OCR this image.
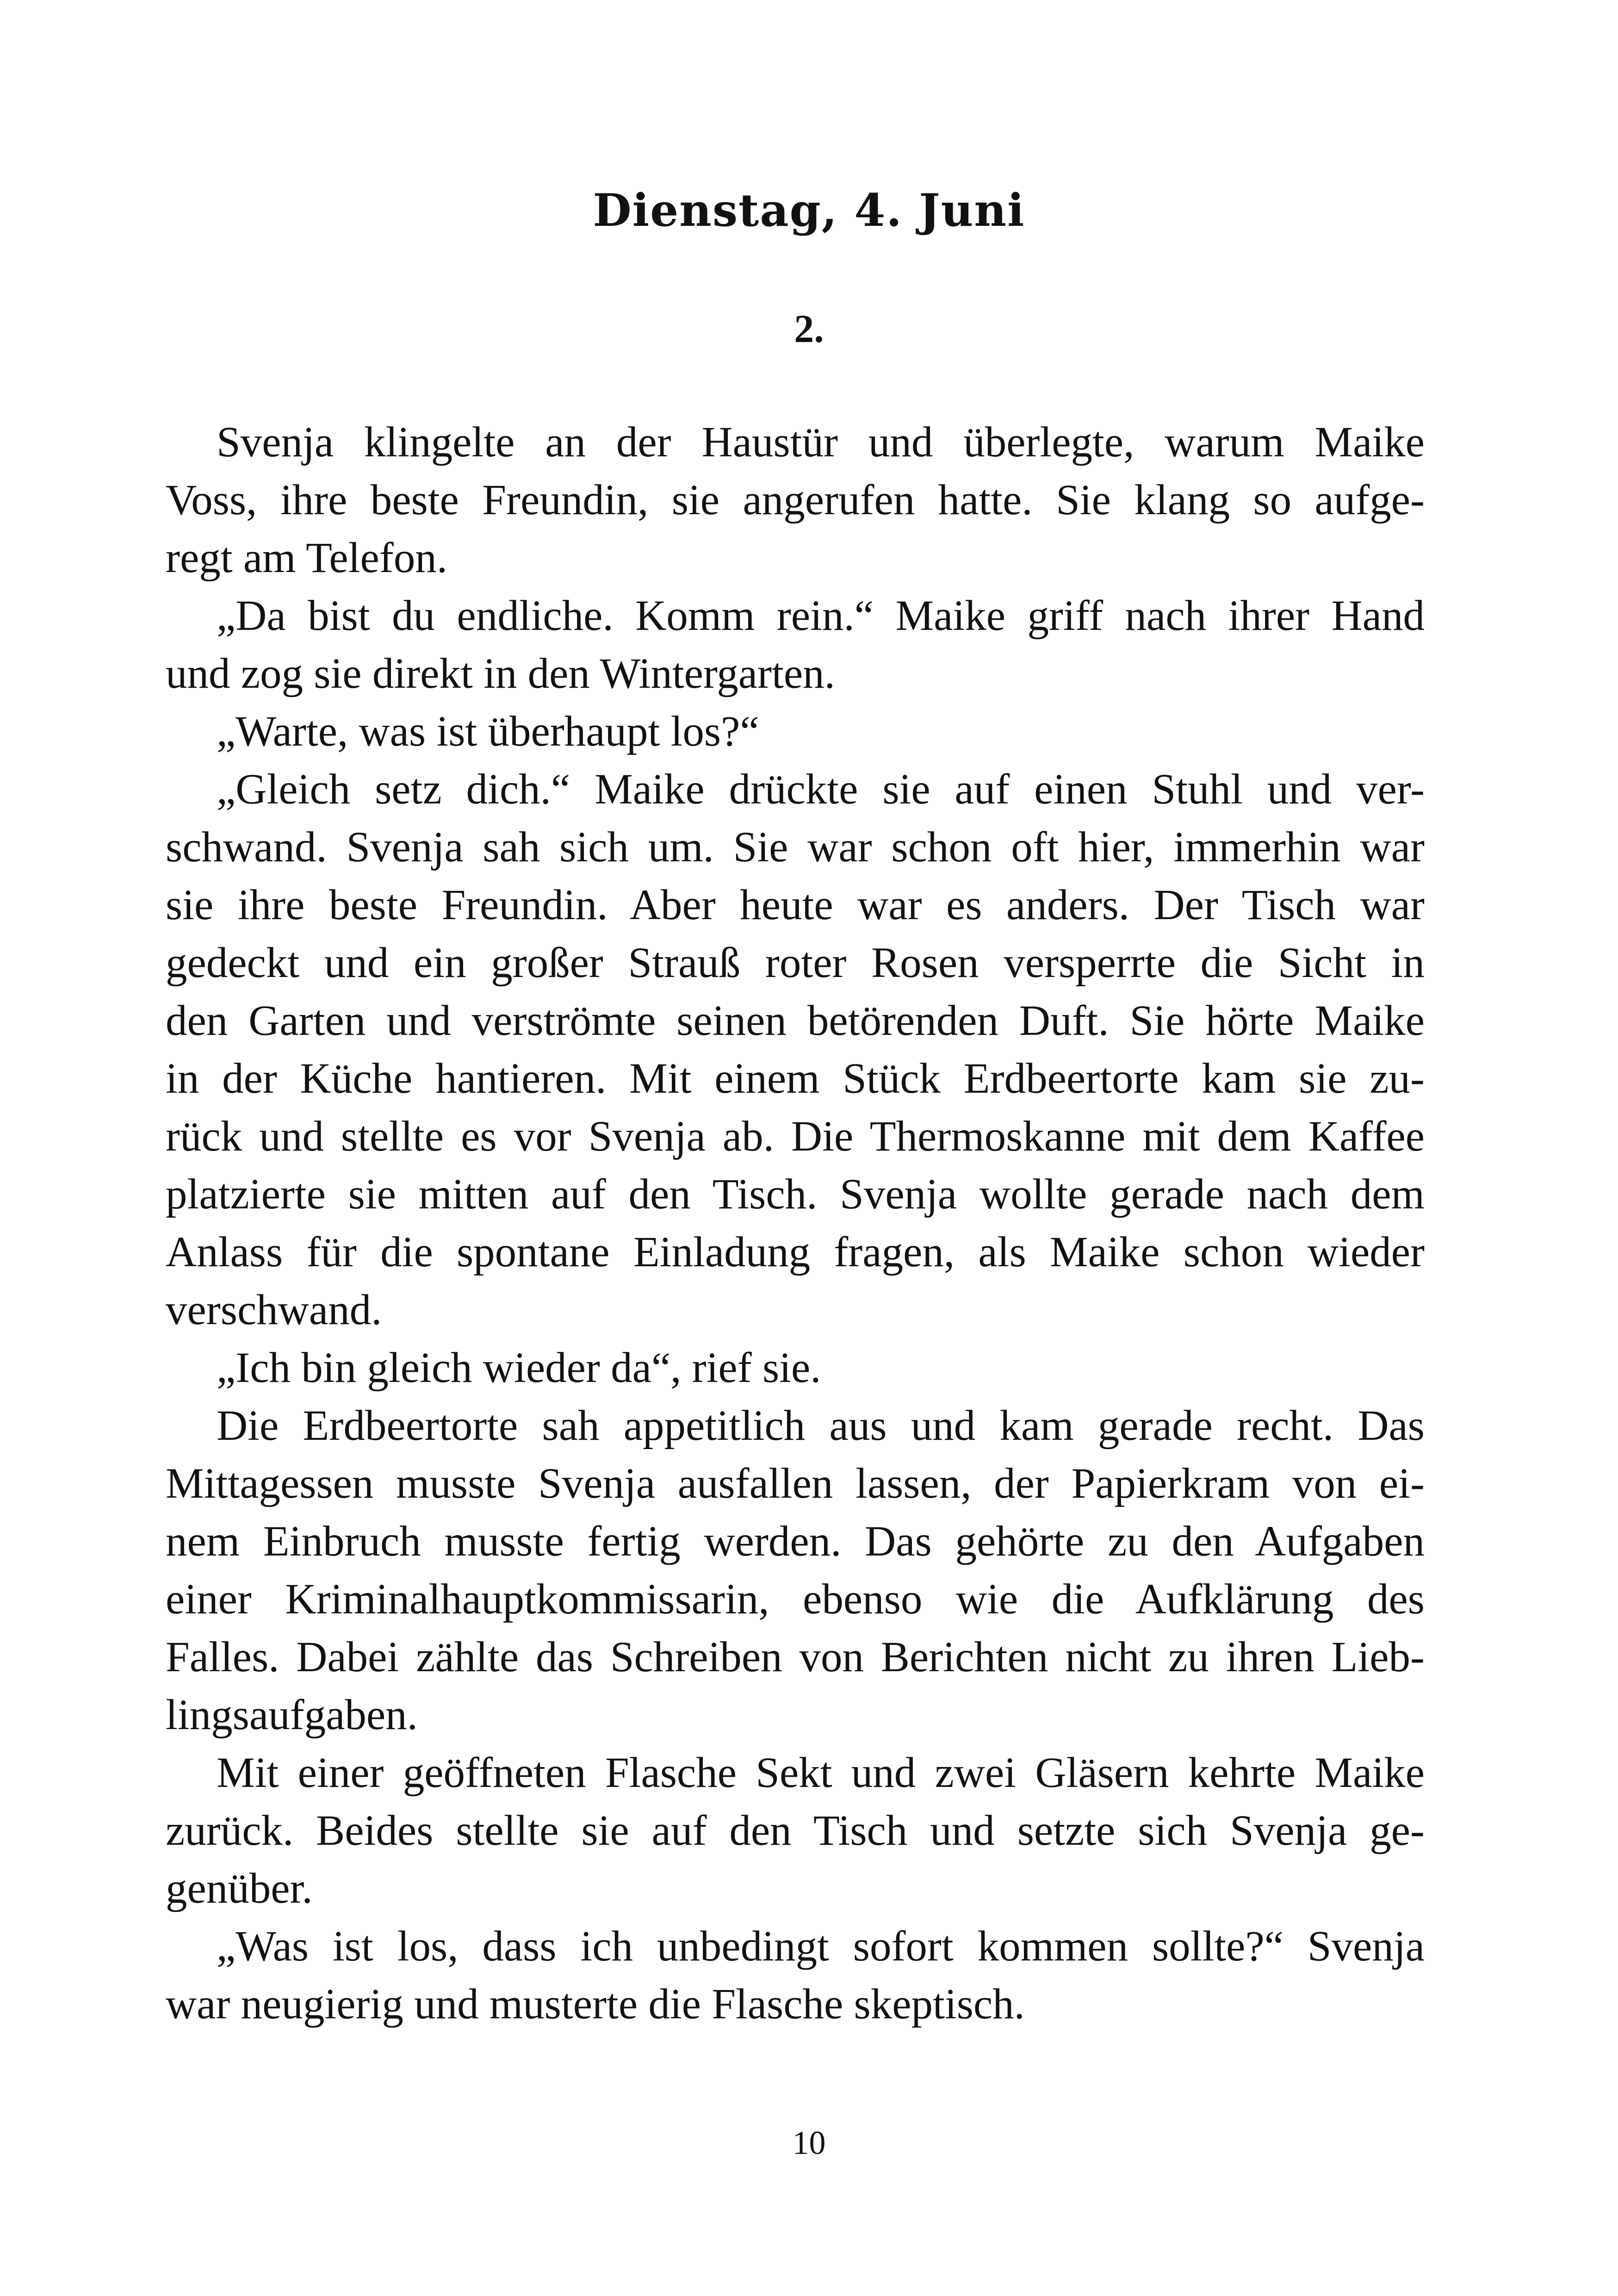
Dienstag, 4. Juni
2.

Svenja klingelte an der Haustür und überlegte, warum Maike
Voss, ihre beste Freundin, sie angerufen hatte. Sie klang so aufge-
regt am Telefon.

„Da bist du endliche. Komm rein.“ Maike griff nach ihrer Hand
und zog sie direkt in den Wintergarten.

„Warte, was ist überhaupt los?“

„Gleich setz dich.“ Maike drückte sie auf einen Stuhl und ver-
schwand. Svenja sah sich um. Sie war schon oft hier, immerhin war
sie ihre beste Freundin. Aber heute war es anders. Der Tisch war
gedeckt und ein großer Strauß roter Rosen versperrte die Sicht in
den Garten und verströmte seinen betörenden Duft. Sie hörte Maike
in der Küche hantieren. Mit einem Stück Erdbeertorte kam sie zu-
rück und stellte es vor Svenja ab. Die Thermoskanne mit dem Kaffee
platzierte sie mitten auf den Tisch. Svenja wollte gerade nach dem
Anlass für die spontane Einladung fragen, als Maike schon wieder
verschwand.

„Ich bin gleich wieder da“, rief sie.

Die Erdbeertorte sah appetitlich aus und kam gerade recht. Das
Mittagessen musste Svenja ausfallen lassen, der Papierkram von ei-
nem Einbruch musste fertig werden. Das gehörte zu den Aufgaben
einer Kriminalhauptkommissarin, ebenso wie die Aufklärung des
Falles. Dabei zählte das Schreiben von Berichten nicht zu ihren Lieb-
lingsaufgaben.

Mit einer geöffneten Flasche Sekt und zwei Gläsern kehrte Maike
zurück. Beides stellte sie auf den Tisch und setzte sich Svenja ge-
genüber.

„Was ist los, dass ich unbedingt sofort kommen sollte?“ Svenja
war neugierig und musterte die Flasche skeptisch.

10
